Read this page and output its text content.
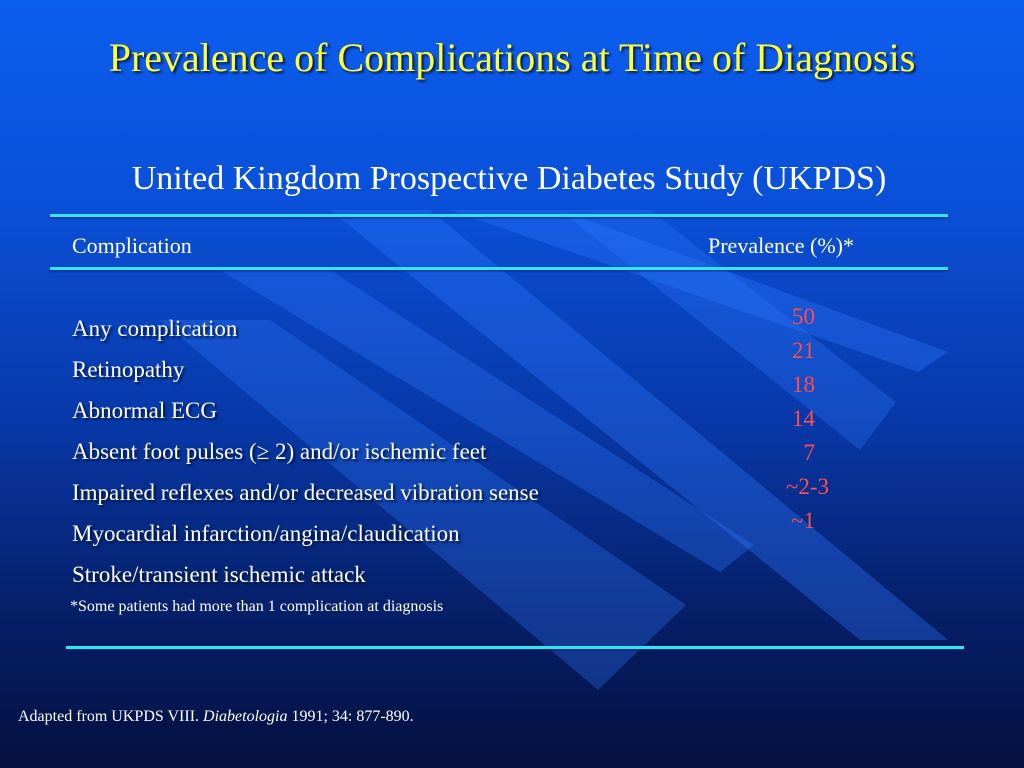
Prevalence of Complications at Time of Diagnosis
United Kingdom Prospective Diabetes Study (UKPDS)
Complication	Prevalence (%)*
Any complication
Retinopathy
Abnormal ECG
Absent foot pulses (≥ 2) and/or ischemic feet
Impaired reflexes and/or decreased vibration sense
Myocardial infarction/angina/claudication
Stroke/transient ischemic attack
50
21
18
14
7
~2-3
~1
*Some patients had more than 1 complication at diagnosis
Adapted from UKPDS VIII. Diabetologia 1991; 34: 877-890.
